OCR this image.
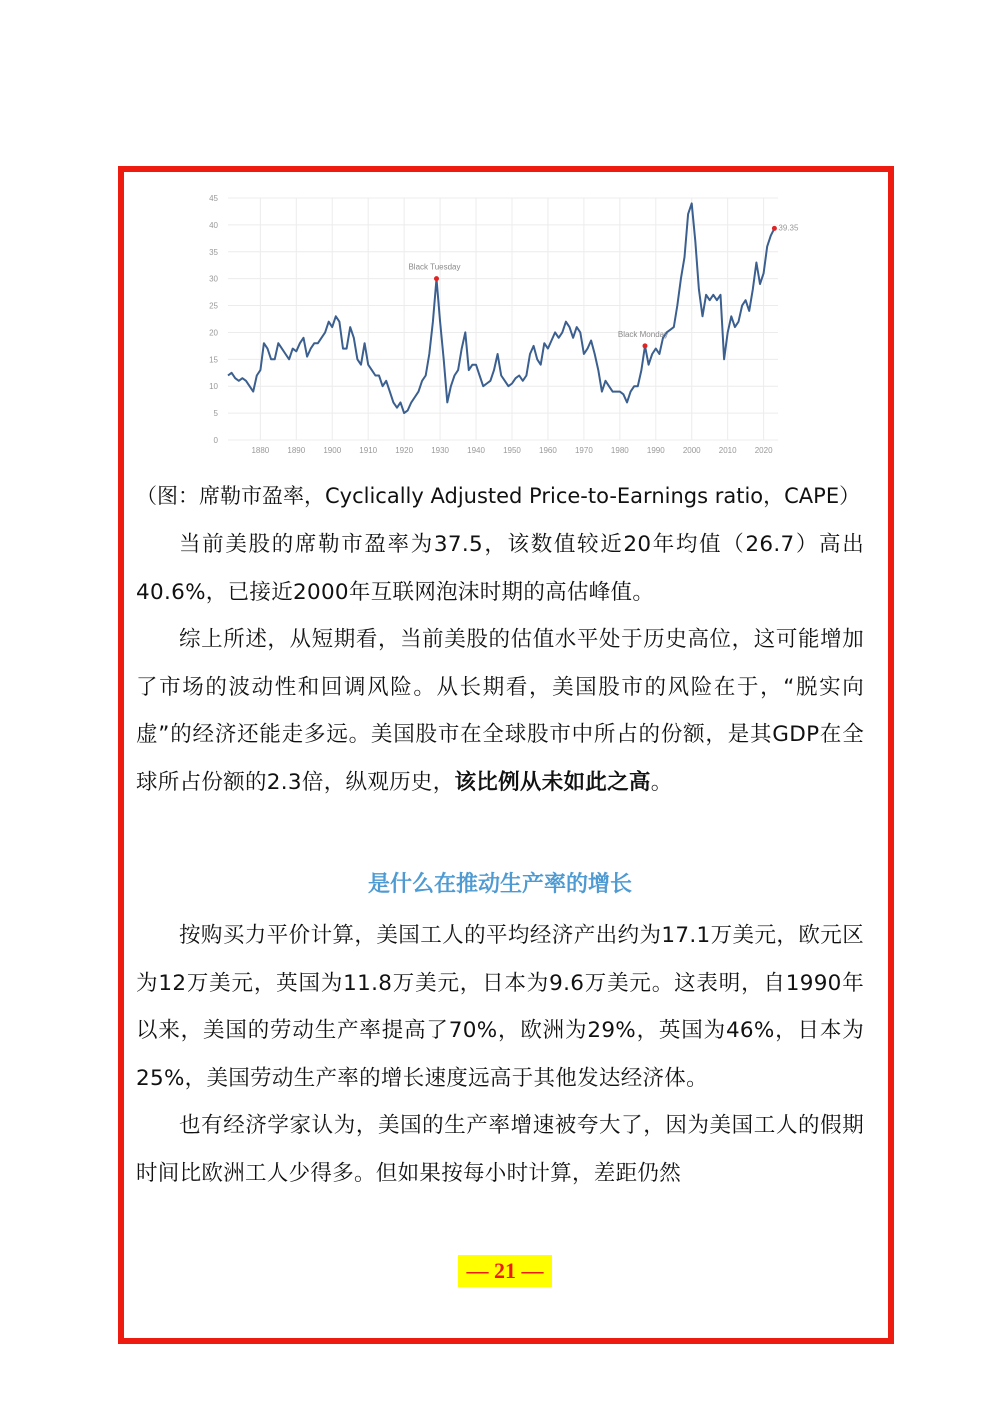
0
5
10
15
20
25
30
35
40
45
1880 1890 1900 1910 1920 1930 1940 1950 1960 1970 1980 1990 2000 2010 2020
Black Tuesday
Black Monday
39.35
（图：席勒市盈率，Cyclically Adjusted Price-to-Earnings ratio，CAPE）

当前美股的席勒市盈率为37.5，该数值较近20年均值（26.7）高出40.6%，已接近2000年互联网泡沫时期的高估峰值。

综上所述，从短期看，当前美股的估值水平处于历史高位，这可能增加了市场的波动性和回调风险。从长期看，美国股市的风险在于，“脱实向虚”的经济还能走多远。美国股市在全球股市中所占的份额，是其GDP在全球所占份额的2.3倍，纵观历史，该比例从未如此之高。

是什么在推动生产率的增长

按购买力平价计算，美国工人的平均经济产出约为17.1万美元，欧元区为12万美元，英国为11.8万美元，日本为9.6万美元。这表明，自1990年以来，美国的劳动生产率提高了70%，欧洲为29%，英国为46%，日本为25%，美国劳动生产率的增长速度远高于其他发达经济体。

也有经济学家认为，美国的生产率增速被夸大了，因为美国工人的假期时间比欧洲工人少得多。但如果按每小时计算，差距仍然

— 21 —
